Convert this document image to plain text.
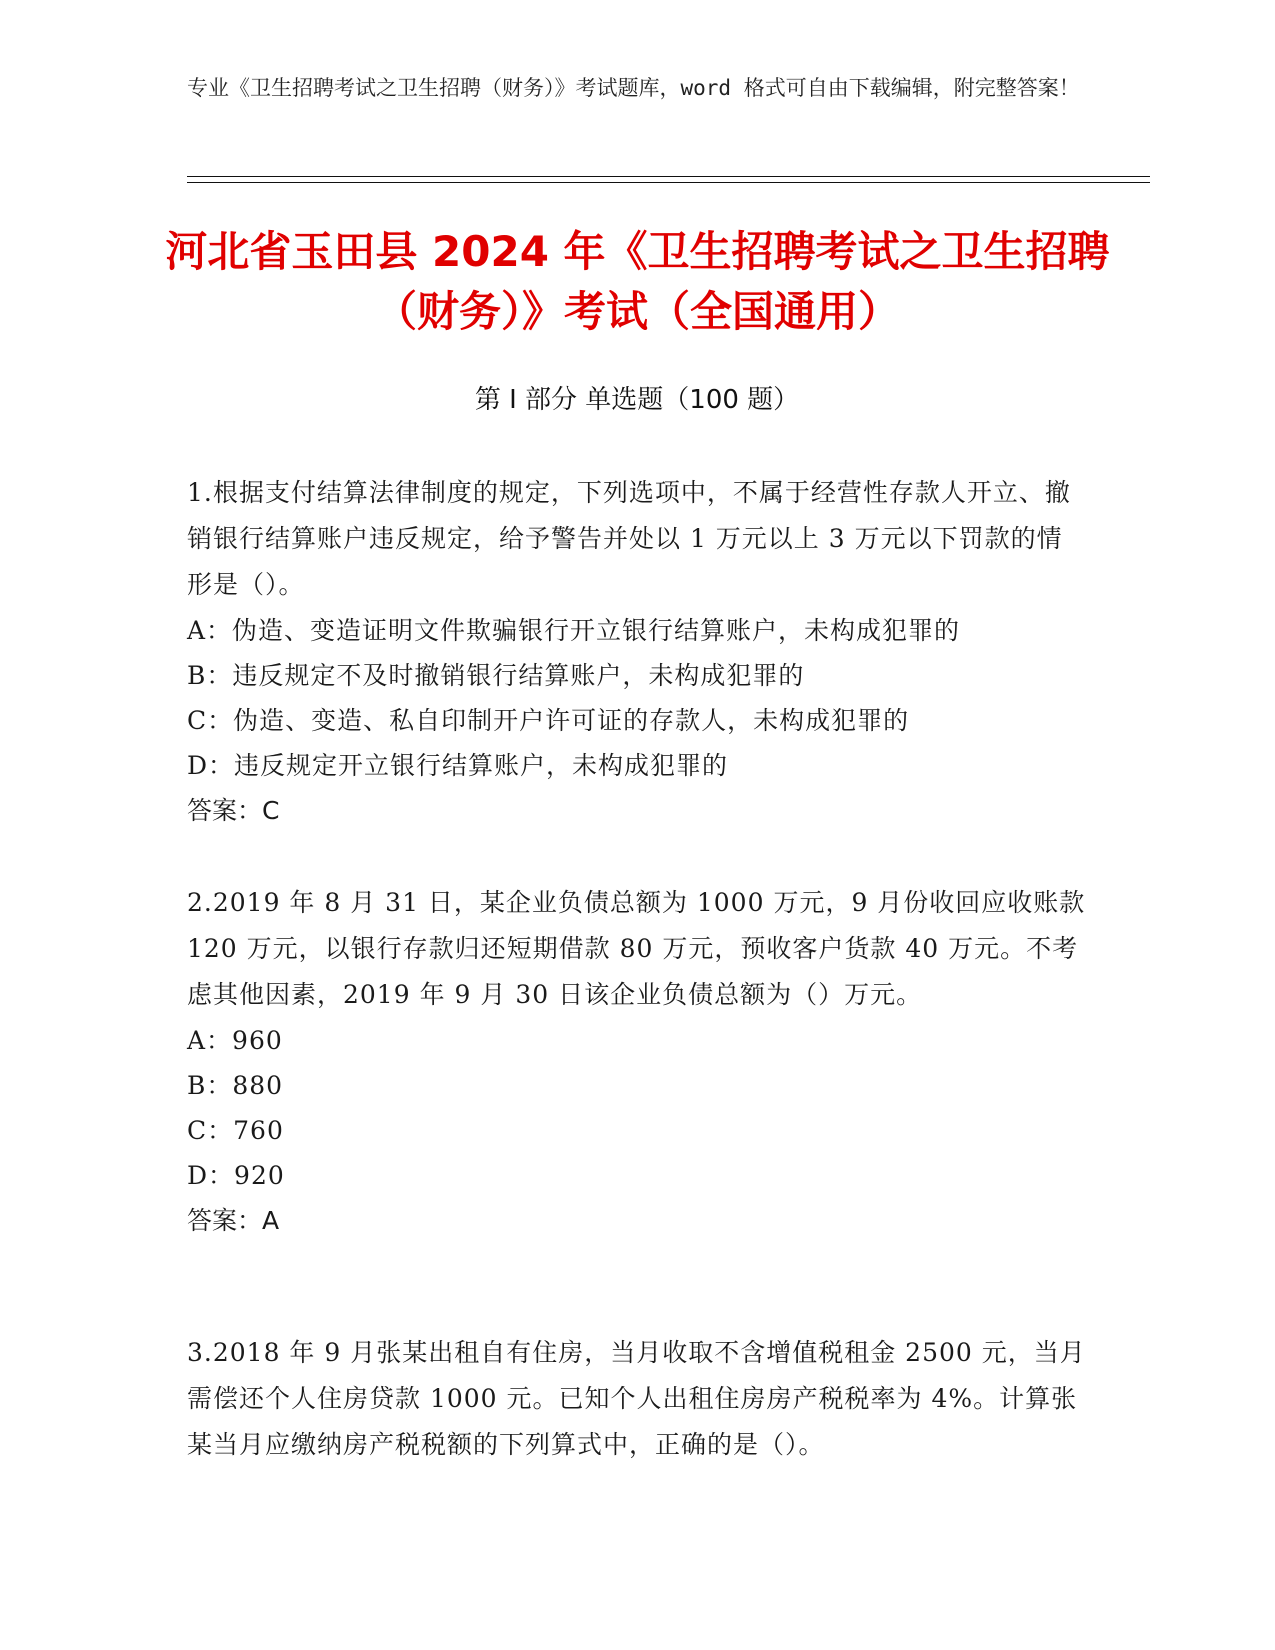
专业《卫生招聘考试之卫生招聘（财务）》考试题库，word 格式可自由下载编辑，附完整答案！
河北省玉田县 2024 年《卫生招聘考试之卫生招聘（财务）》考试（全国通用）
第 I 部分 单选题（100 题）
1.根据支付结算法律制度的规定，下列选项中，不属于经营性存款人开立、撤销银行结算账户违反规定，给予警告并处以 1 万元以上 3 万元以下罚款的情形是（）。
A：伪造、变造证明文件欺骗银行开立银行结算账户，未构成犯罪的
B：违反规定不及时撤销银行结算账户，未构成犯罪的
C：伪造、变造、私自印制开户许可证的存款人，未构成犯罪的
D：违反规定开立银行结算账户，未构成犯罪的
答案：C
2.2019 年 8 月 31 日，某企业负债总额为 1000 万元，9 月份收回应收账款 120 万元，以银行存款归还短期借款 80 万元，预收客户货款 40 万元。不考虑其他因素，2019 年 9 月 30 日该企业负债总额为（）万元。
A：960
B：880
C：760
D：920
答案：A
3.2018 年 9 月张某出租自有住房，当月收取不含增值税租金 2500 元，当月需偿还个人住房贷款 1000 元。已知个人出租住房房产税税率为 4%。计算张某当月应缴纳房产税税额的下列算式中，正确的是（）。
